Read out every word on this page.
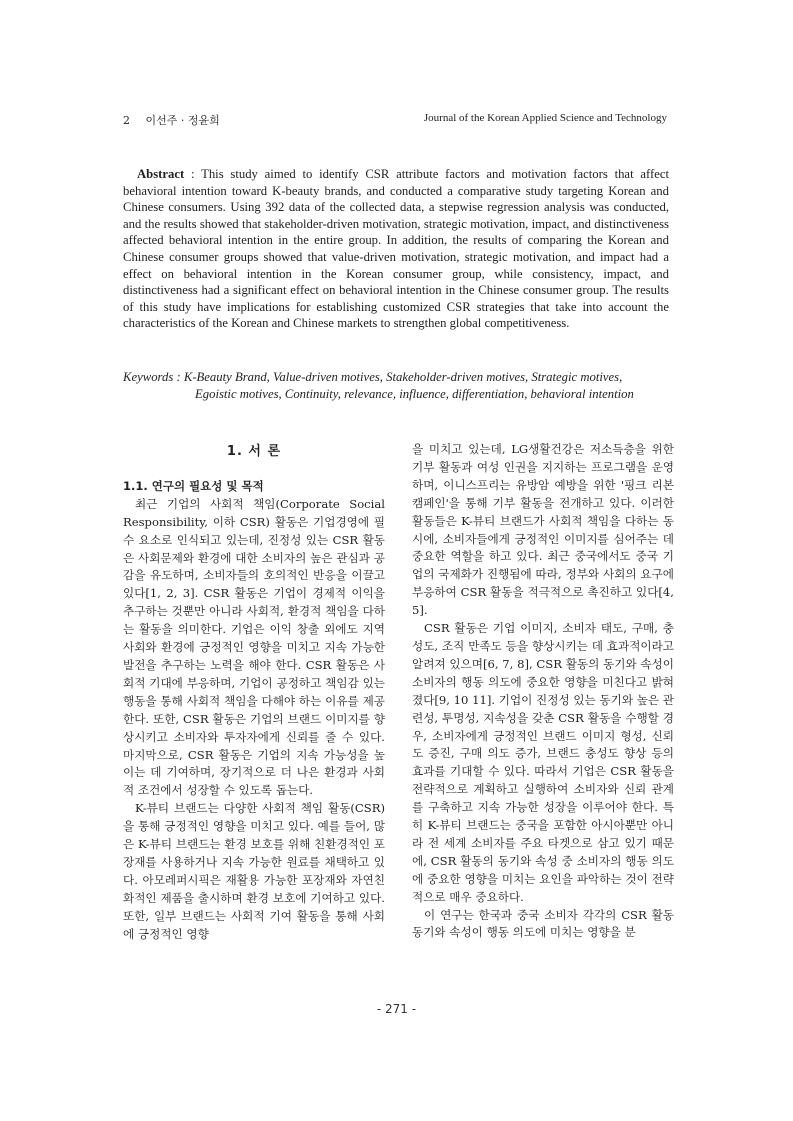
2 이선주 · 정윤희	Journal of the Korean Applied Science and Technology
Abstract : This study aimed to identify CSR attribute factors and motivation factors that affect behavioral intention toward K-beauty brands, and conducted a comparative study targeting Korean and Chinese consumers. Using 392 data of the collected data, a stepwise regression analysis was conducted, and the results showed that stakeholder-driven motivation, strategic motivation, impact, and distinctiveness affected behavioral intention in the entire group. In addition, the results of comparing the Korean and Chinese consumer groups showed that value-driven motivation, strategic motivation, and impact had a effect on behavioral intention in the Korean consumer group, while consistency, impact, and distinctiveness had a significant effect on behavioral intention in the Chinese consumer group. The results of this study have implications for establishing customized CSR strategies that take into account the characteristics of the Korean and Chinese markets to strengthen global competitiveness.
Keywords : K-Beauty Brand, Value-driven motives, Stakeholder-driven motives, Strategic motives,
Egoistic motives, Continuity, relevance, influence, differentiation, behavioral intention
1. 서 론
1.1. 연구의 필요성 및 목적

최근 기업의 사회적 책임(Corporate Social Responsibility, 이하 CSR) 활동은 기업경영에 필수 요소로 인식되고 있는데, 진정성 있는 CSR 활동은 사회문제와 환경에 대한 소비자의 높은 관심과 공감을 유도하며, 소비자들의 호의적인 반응을 이끌고 있다[1, 2, 3]. CSR 활동은 기업이 경제적 이익을 추구하는 것뿐만 아니라 사회적, 환경적 책임을 다하는 활동을 의미한다. 기업은 이익 창출 외에도 지역사회와 환경에 긍정적인 영향을 미치고 지속 가능한 발전을 추구하는 노력을 해야 한다. CSR 활동은 사회적 기대에 부응하며, 기업이 공정하고 책임감 있는 행동을 통해 사회적 책임을 다해야 하는 이유를 제공한다. 또한, CSR 활동은 기업의 브랜드 이미지를 향상시키고 소비자와 투자자에게 신뢰를 줄 수 있다. 마지막으로, CSR 활동은 기업의 지속 가능성을 높이는 데 기여하며, 장기적으로 더 나은 환경과 사회적 조건에서 성장할 수 있도록 돕는다.

K-뷰티 브랜드는 다양한 사회적 책임 활동(CSR)을 통해 긍정적인 영향을 미치고 있다. 예를 들어, 많은 K-뷰티 브랜드는 환경 보호를 위해 친환경적인 포장재를 사용하거나 지속 가능한 원료를 채택하고 있다. 아모레퍼시픽은 재활용 가능한 포장재와 자연친화적인 제품을 출시하며 환경 보호에 기여하고 있다. 또한, 일부 브랜드는 사회적 기여 활동을 통해 사회에 긍정적인 영향

을 미치고 있는데, LG생활건강은 저소득층을 위한 기부 활동과 여성 인권을 지지하는 프로그램을 운영하며, 이니스프리는 유방암 예방을 위한 '핑크 리본 캠페인'을 통해 기부 활동을 전개하고 있다. 이러한 활동들은 K-뷰티 브랜드가 사회적 책임을 다하는 동시에, 소비자들에게 긍정적인 이미지를 심어주는 데 중요한 역할을 하고 있다. 최근 중국에서도 중국 기업의 국제화가 진행됨에 따라, 정부와 사회의 요구에 부응하여 CSR 활동을 적극적으로 촉진하고 있다[4, 5].

CSR 활동은 기업 이미지, 소비자 태도, 구매, 충성도, 조직 만족도 등을 향상시키는 데 효과적이라고 알려져 있으며[6, 7, 8], CSR 활동의 동기와 속성이 소비자의 행동 의도에 중요한 영향을 미친다고 밝혀졌다[9, 10 11]. 기업이 진정성 있는 동기와 높은 관련성, 투명성, 지속성을 갖춘 CSR 활동을 수행할 경우, 소비자에게 긍정적인 브랜드 이미지 형성, 신뢰도 증진, 구매 의도 증가, 브랜드 충성도 향상 등의 효과를 기대할 수 있다. 따라서 기업은 CSR 활동을 전략적으로 계획하고 실행하여 소비자와 신뢰 관계를 구축하고 지속 가능한 성장을 이루어야 한다. 특히 K-뷰티 브랜드는 중국을 포함한 아시아뿐만 아니라 전 세계 소비자를 주요 타겟으로 삼고 있기 때문에, CSR 활동의 동기와 속성 중 소비자의 행동 의도에 중요한 영향을 미치는 요인을 파악하는 것이 전략적으로 매우 중요하다.

이 연구는 한국과 중국 소비자 각각의 CSR 활동 동기와 속성이 행동 의도에 미치는 영향을 분

- 271 -
